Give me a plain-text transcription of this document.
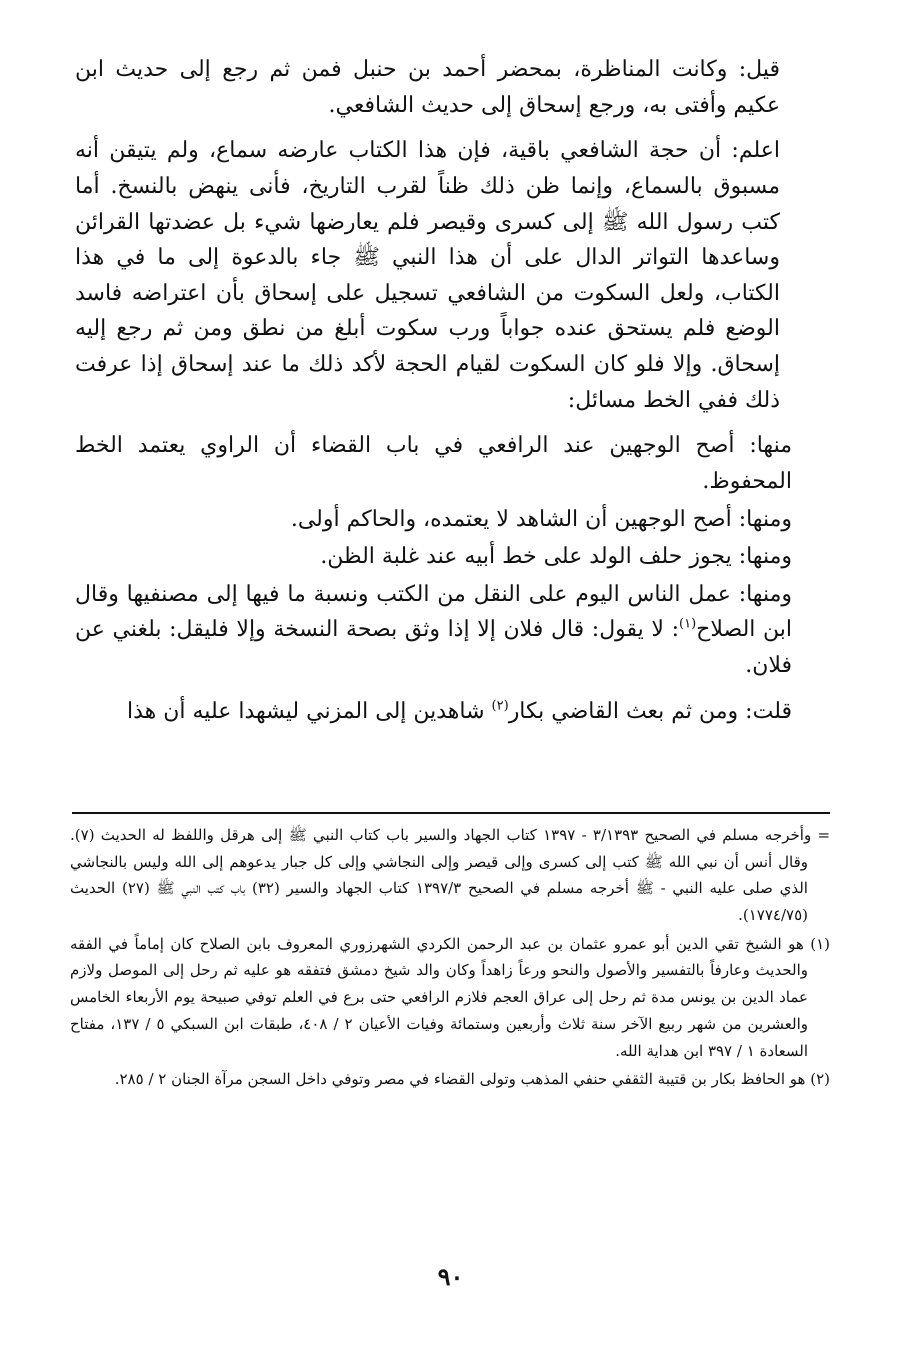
قيل: وكانت المناظرة، بمحضر أحمد بن حنبل فمن ثم رجع إلى حديث ابن عكيم وأفتى به، ورجع إسحاق إلى حديث الشافعي.

اعلم: أن حجة الشافعي باقية، فإن هذا الكتاب عارضه سماع، ولم يتيقن أنه مسبوق بالسماع، وإنما ظن ذلك ظناً لقرب التاريخ، فأنى ينهض بالنسخ. أما كتب رسول الله ﷺ إلى كسرى وقيصر فلم يعارضها شيء بل عضدتها القرائن وساعدها التواتر الدال على أن هذا النبي ﷺ جاء بالدعوة إلى ما في هذا الكتاب، ولعل السكوت من الشافعي تسجيل على إسحاق بأن اعتراضه فاسد الوضع فلم يستحق عنده جواباً ورب سكوت أبلغ من نطق ومن ثم رجع إليه إسحاق. وإلا فلو كان السكوت لقيام الحجة لأكد ذلك ما عند إسحاق إذا عرفت ذلك ففي الخط مسائل:

منها: أصح الوجهين عند الرافعي في باب القضاء أن الراوي يعتمد الخط المحفوظ.

ومنها: أصح الوجهين أن الشاهد لا يعتمده، والحاكم أولى.

ومنها: يجوز حلف الولد على خط أبيه عند غلبة الظن.

ومنها: عمل الناس اليوم على النقل من الكتب ونسبة ما فيها إلى مصنفيها وقال ابن الصلاح$^{(١)}$: لا يقول: قال فلان إلا إذا وثق بصحة النسخة وإلا فليقل: بلغني عن فلان.

قلت: ومن ثم بعث القاضي بكار$^{(٢)}$ شاهدين إلى المزني ليشهدا عليه أن هذا

= وأخرجه مسلم في الصحيح ٣/١٣٩٣ - ١٣٩٧ كتاب الجهاد والسير باب كتاب النبي ﷺ إلى هرقل واللفظ له الحديث (٧). وقال أنس أن نبي الله ﷺ كتب إلى كسرى وإلى قيصر وإلى النجاشي وإلى كل جبار يدعوهم إلى الله وليس بالنجاشي الذي صلى عليه النبي - ﷺ أخرجه مسلم في الصحيح ١٣٩٧/٣ كتاب الجهاد والسير (٣٢) باب كتب النبي ﷺ (٢٧) الحديث (١٧٧٤/٧٥).

(١) هو الشيخ تقي الدين أبو عمرو عثمان بن عبد الرحمن الكردي الشهرزوري المعروف بابن الصلاح كان إماماً في الفقه والحديث وعارفاً بالتفسير والأصول والنحو ورعاً زاهداً وكان والد شيخ دمشق فتفقه هو عليه ثم رحل إلى الموصل ولازم عماد الدين بن يونس مدة ثم رحل إلى عراق العجم فلازم الرافعي حتى برع في العلم توفي صبيحة يوم الأربعاء الخامس والعشرين من شهر ربيع الآخر سنة ثلاث وأربعين وستمائة وفيات الأعيان ٢ / ٤٠٨، طبقات ابن السبكي ٥ / ١٣٧، مفتاح السعادة ١ / ٣٩٧ ابن هداية الله.

(٢) هو الحافظ بكار بن قتيبة الثقفي حنفي المذهب وتولى القضاء في مصر وتوفي داخل السجن مرآة الجنان ٢ / ٢٨٥.

٩٠
